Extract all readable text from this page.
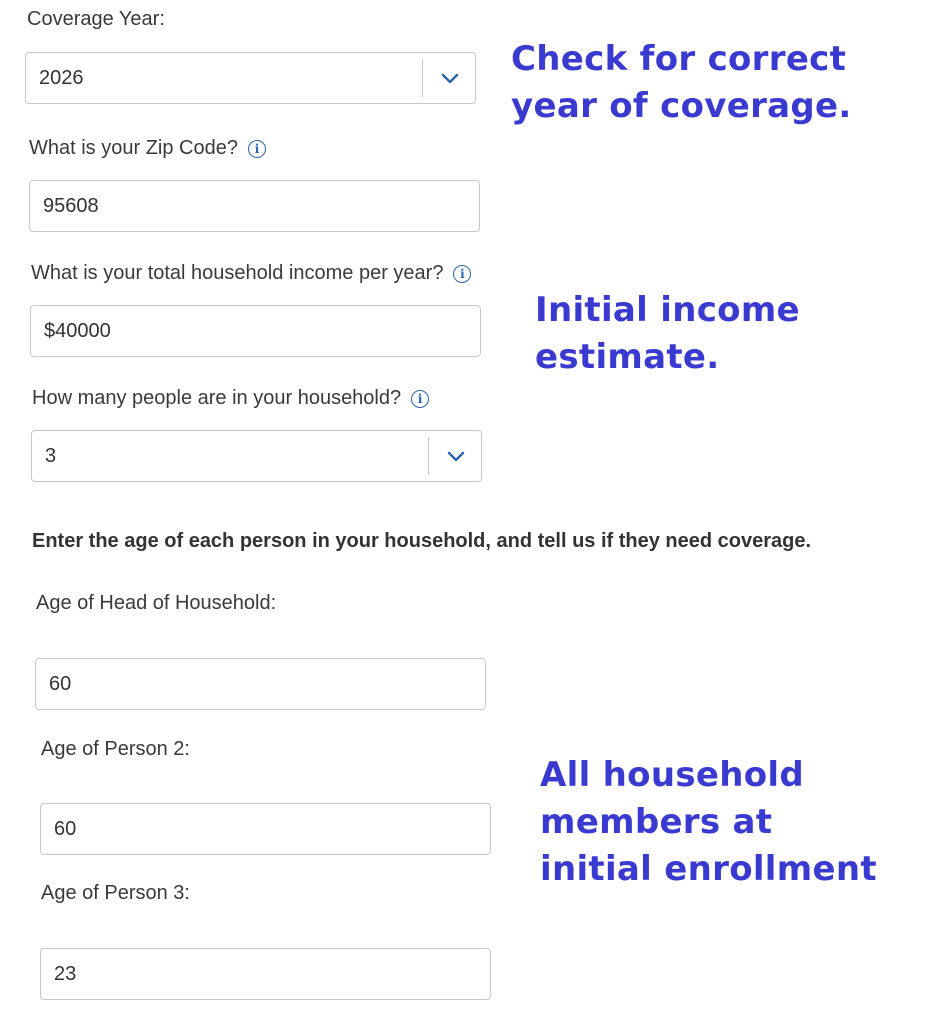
Coverage Year:
2026
What is your Zip Code? i
95608
What is your total household income per year? i
$40000
How many people are in your household? i
3
Enter the age of each person in your household, and tell us if they need coverage.
Age of Head of Household:
60
Age of Person 2:
60
Age of Person 3:
23
Check for correct
year of coverage.
Initial income
estimate.
All household
members at
initial enrollment
